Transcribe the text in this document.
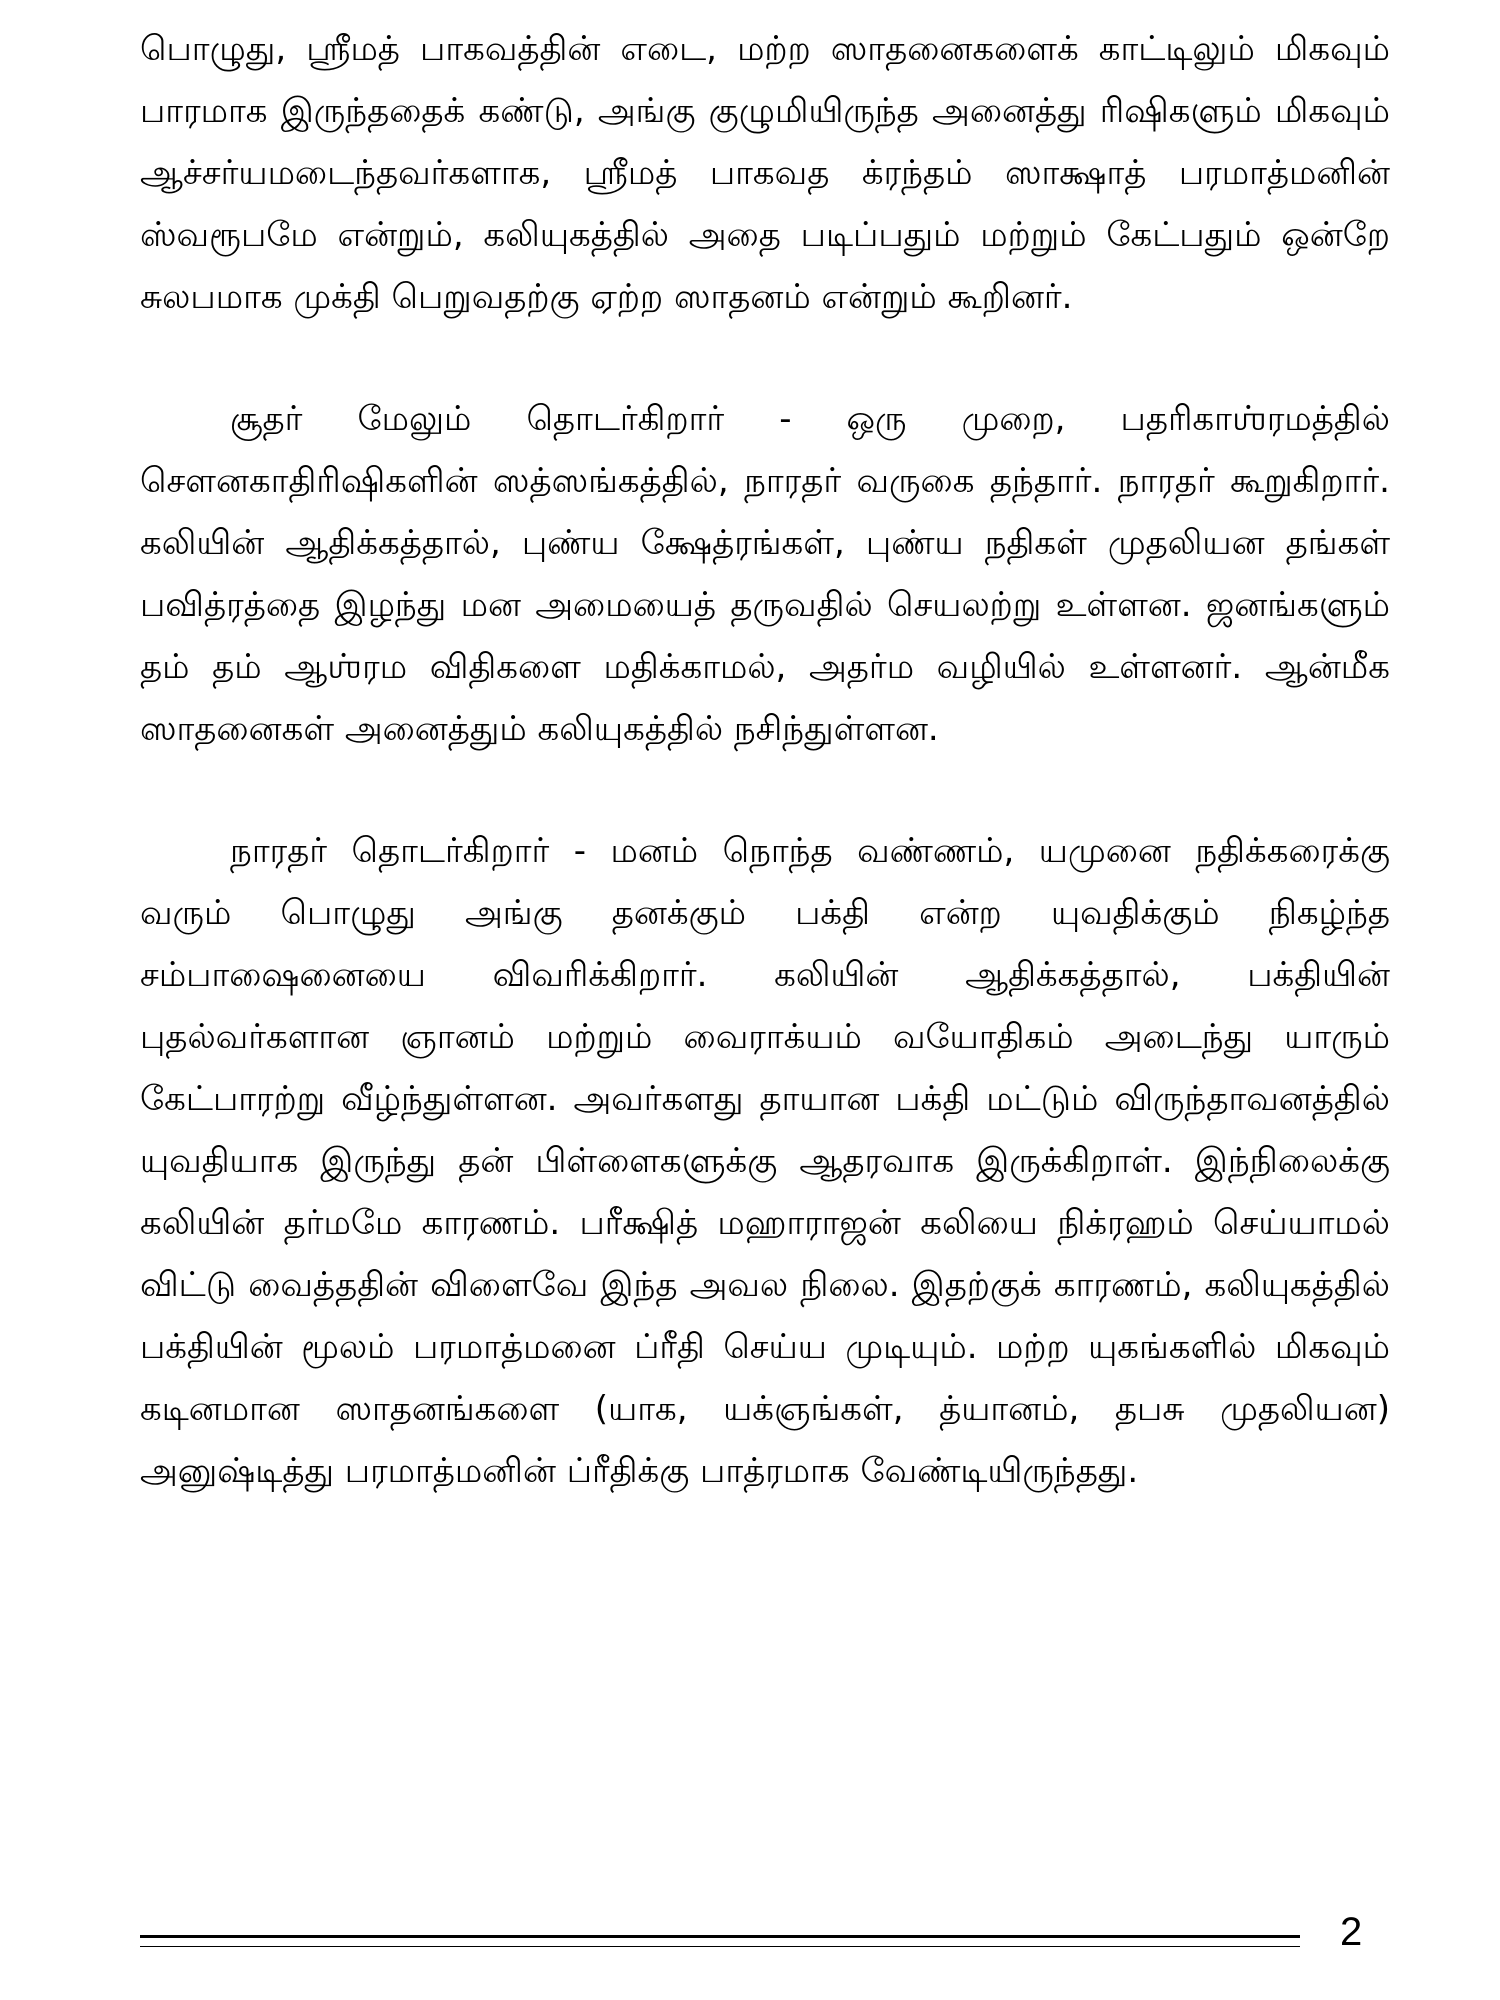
பொழுது, ஸ்ரீமத் பாகவத்தின் எடை, மற்ற ஸாதனைகளைக் காட்டிலும் மிகவும் பாரமாக இருந்ததைக் கண்டு, அங்கு குழுமியிருந்த அனைத்து ரிஷிகளும் மிகவும் ஆச்சர்யமடைந்தவர்களாக, ஸ்ரீமத் பாகவத க்ரந்தம் ஸாக்ஷாத் பரமாத்மனின் ஸ்வரூபமே என்றும், கலியுகத்தில் அதை படிப்பதும் மற்றும் கேட்பதும் ஒன்றே சுலபமாக முக்தி பெறுவதற்கு ஏற்ற ஸாதனம் என்றும் கூறினர்.

சூதர் மேலும் தொடர்கிறார் - ஒரு முறை, பதரிகாஶ்ரமத்தில் சௌனகாதிரிஷிகளின் ஸத்ஸங்கத்தில், நாரதர் வருகை தந்தார். நாரதர் கூறுகிறார். கலியின் ஆதிக்கத்தால், புண்ய க்ஷேத்ரங்கள், புண்ய நதிகள் முதலியன தங்கள் பவித்ரத்தை இழந்து மன அமையைத் தருவதில் செயலற்று உள்ளன. ஜனங்களும் தம் தம் ஆஶ்ரம விதிகளை மதிக்காமல், அதர்ம வழியில் உள்ளனர். ஆன்மீக ஸாதனைகள் அனைத்தும் கலியுகத்தில் நசிந்துள்ளன.

நாரதர் தொடர்கிறார் - மனம் நொந்த வண்ணம், யமுனை நதிக்கரைக்கு வரும் பொழுது அங்கு தனக்கும் பக்தி என்ற யுவதிக்கும் நிகழ்ந்த சம்பாஷைனையை விவரிக்கிறார். கலியின் ஆதிக்கத்தால், பக்தியின் புதல்வர்களான ஞானம் மற்றும் வைராக்யம் வயோதிகம் அடைந்து யாரும் கேட்பாரற்று வீழ்ந்துள்ளன. அவர்களது தாயான பக்தி மட்டும் விருந்தாவனத்தில் யுவதியாக இருந்து தன் பிள்ளைகளுக்கு ஆதரவாக இருக்கிறாள். இந்நிலைக்கு கலியின் தர்மமே காரணம். பரீக்ஷித் மஹாராஜன் கலியை நிக்ரஹம் செய்யாமல் விட்டு வைத்ததின் விளைவே இந்த அவல நிலை. இதற்குக் காரணம், கலியுகத்தில் பக்தியின் மூலம் பரமாத்மனை ப்ரீதி செய்ய முடியும். மற்ற யுகங்களில் மிகவும் கடினமான ஸாதனங்களை (யாக, யக்ஞங்கள், த்யானம், தபசு முதலியன) அனுஷ்டித்து பரமாத்மனின் ப்ரீதிக்கு பாத்ரமாக வேண்டியிருந்தது.

2
